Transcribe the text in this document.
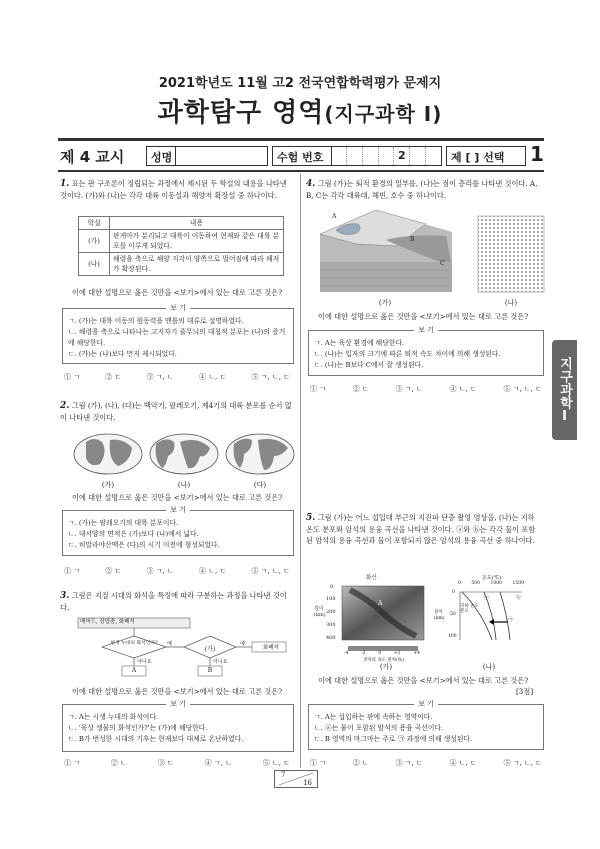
2021학년도 11월 고2 전국연합학력평가 문제지
과학탐구 영역(지구과학 Ⅰ)
제 4 교시 성명	수험 번호	2	제 [ ] 선택 1
지구과학Ⅰ
1. 표는 판 구조론이 정립되는 과정에서 제시된 두 학설의 내용을 나타낸 것이다. (가)와 (나)는 각각 대륙 이동설과 해양저 확장설 중 하나이다.
학설	내용
(가)	판게아가 분리되고 대륙이 이동하여 현재와 같은 대륙 분포를 이루게 되었다.
(나)	해령을 축으로 해양 지각이 양쪽으로 멀어짐에 따라 해저가 확장된다.
이에 대한 설명으로 옳은 것만을 <보기>에서 있는 대로 고른 것은?
보 기
ㄱ. (가)는 대륙 이동의 원동력을 맨틀의 대류로 설명하였다.
ㄴ. 해령을 축으로 나타나는 고지자기 줄무늬의 대칭적 분포는 (나)의 증거에 해당한다.
ㄷ. (가)는 (나)보다 먼저 제시되었다.
① ㄱ	② ㄷ	③ ㄱ, ㄴ	④ ㄴ, ㄷ	⑤ ㄱ, ㄴ, ㄷ
2. 그림 (가), (나), (다)는 백악기, 팔레오기, 제4기의 대륙 분포를 순서 없이 나타낸 것이다.
(가)	(나)	(다)
이에 대한 설명으로 옳은 것만을 <보기>에서 있는 대로 고른 것은?
보 기
ㄱ. (가)는 팔레오기의 대륙 분포이다.
ㄴ. 대서양의 면적은 (가)보다 (나)에서 넓다.
ㄷ. 히말라야산맥은 (다)의 시기 이전에 형성되었다.
① ㄱ	② ㄷ	③ ㄱ, ㄴ	④ ㄴ, ㄷ	⑤ ㄱ, ㄴ, ㄷ
3. 그림은 지질 시대의 화석을 특징에 따라 구분하는 과정을 나타낸 것이다.
매머드, 삼엽충, 화폐석
현생 누대의 화석인가?
(가)
예	예
화폐석
아니요	아니요
A	B
이에 대한 설명으로 옳은 것만을 <보기>에서 있는 대로 고른 것은?
보 기
ㄱ. A는 시생 누대의 화석이다.
ㄴ. '육상 생물의 화석인가?'는 (가)에 해당한다.
ㄷ. B가 번성한 시대의 기후는 현재보다 대체로 온난하였다.
① ㄱ	② ㄴ	③ ㄷ	④ ㄱ, ㄴ	⑤ ㄴ, ㄷ
4. 그림 (가)는 퇴적 환경의 일부를, (나)는 점이 층리를 나타낸 것이다. A, B, C는 각각 대륙대, 해빈, 호수 중 하나이다.
A
B
C
(가)	(나)
이에 대한 설명으로 옳은 것만을 <보기>에서 있는 대로 고른 것은?
보 기
ㄱ. A는 육상 환경에 해당한다.
ㄴ. (나)는 입자의 크기에 따른 퇴적 속도 차이에 의해 생성된다.
ㄷ. (나)는 B보다 C에서 잘 생성된다.
① ㄱ	② ㄷ	③ ㄱ, ㄴ	④ ㄴ, ㄷ	⑤ ㄱ, ㄴ, ㄷ
5. 그림 (가)는 어느 섭입대 부근의 지진파 단층 촬영 영상을, (나)는 지하 온도 분포와 암석의 용융 곡선을 나타낸 것이다. ⓐ와 ⓑ는 각각 물이 포함된 암석의 용융 곡선과 물이 포함되지 않은 암석의 용융 곡선 중 하나이다.
화산
깊이 (km)
0
100
200
300
400
A
-4	-2	0	+2	+4
P파의 속도 편차(%)
온도(℃)
0 500 1000 1500
깊이 (km)
0
50
100
지하 온도 분포
ⓐ	ⓑ
㉠
(가)	(나)
이에 대한 설명으로 옳은 것만을 <보기>에서 있는 대로 고른 것은?
[3점]
보 기
ㄱ. A는 섭입하는 판에 속하는 영역이다.
ㄴ. ⓐ는 물이 포함된 암석의 용융 곡선이다.
ㄷ. B 영역의 마그마는 주로 ㉠ 과정에 의해 생성된다.
① ㄱ	② ㄴ	③ ㄱ, ㄷ	④ ㄴ, ㄷ	⑤ ㄱ, ㄴ, ㄷ
7
16
